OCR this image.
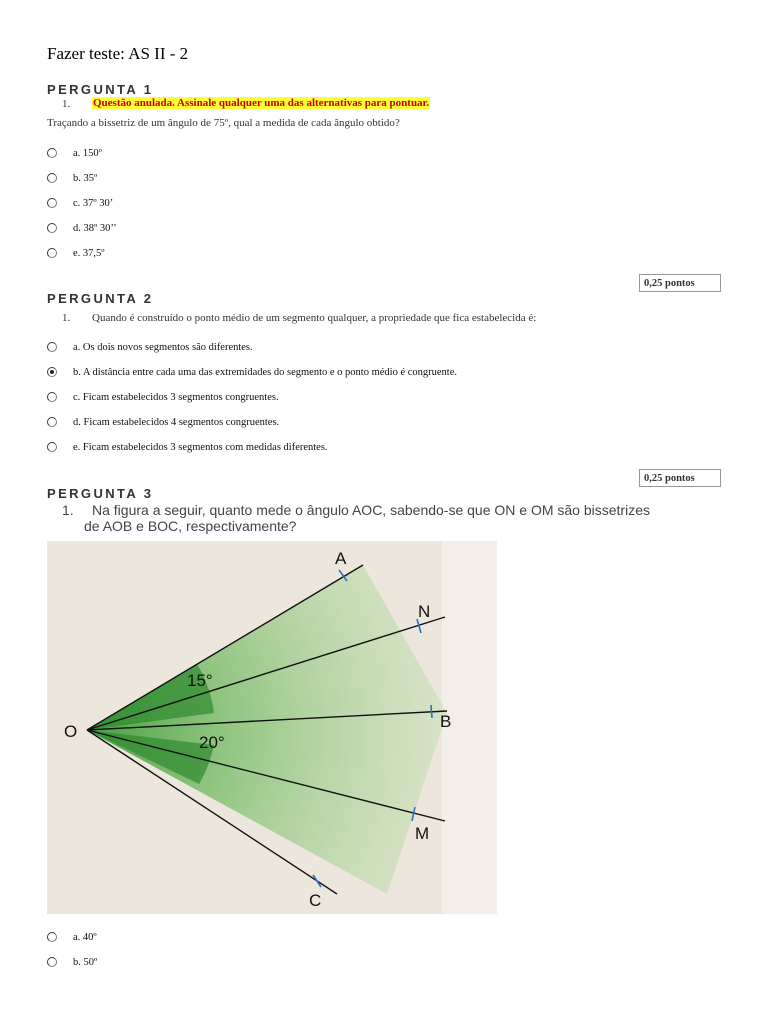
Fazer teste: AS II - 2
PERGUNTA 1
1. Questão anulada. Assinale qualquer uma das alternativas para pontuar.
Traçando a bissetriz de um ângulo de 75º, qual a medida de cada ângulo obtido?
a. 150º
b. 35º
c. 37º 30’
d. 38º 30’’
e. 37,5º
0,25 pontos
PERGUNTA 2
1. Quando é construído o ponto médio de um segmento qualquer, a propriedade que fica estabelecida é:
a. Os dois novos segmentos são diferentes.
b. A distância entre cada uma das extremidades do segmento e o ponto médio é congruente.
c. Ficam estabelecidos 3 segmentos congruentes.
d. Ficam estabelecidos 4 segmentos congruentes.
e. Ficam estabelecidos 3 segmentos com medidas diferentes.
0,25 pontos
PERGUNTA 3
1. Na figura a seguir, quanto mede o ângulo AOC, sabendo-se que ON e OM são bissetrizes
de AOB e BOC, respectivamente?
O
A
N
B
M
C
15°
20°
a. 40º
b. 50º
